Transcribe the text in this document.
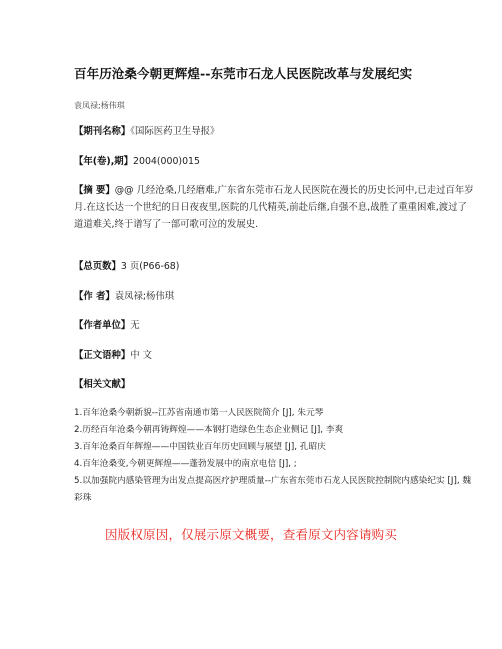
百年历沧桑今朝更辉煌--东莞市石龙人民医院改革与发展纪实
袁凤禄;杨伟琪
【期刊名称】《国际医药卫生导报》
【年(卷),期】2004(000)015
【摘 要】@@ 几经沧桑,几经磨难,广东省东莞市石龙人民医院在漫长的历史长河中,已走过百年岁月.在这长达一个世纪的日日夜夜里,医院的几代精英,前赴后继,自强不息,战胜了重重困难,渡过了道道难关,终于谱写了一部可歌可泣的发展史.
【总页数】3 页(P66-68)
【作 者】袁凤禄;杨伟琪
【作者单位】无
【正文语种】中 文
【相关文献】
1.百年沧桑今朝新貌--江苏省南通市第一人民医院简介 [J], 朱元琴
2.历经百年沧桑今朝再铸辉煌——本钢打造绿色生态企业侧记 [J], 李爽
3.百年沧桑百年辉煌——中国铁业百年历史回顾与展望 [J], 孔昭庆
4.百年沧桑变,今朝更辉煌——蓬勃发展中的南京电信 [J], ;
5.以加强院内感染管理为出发点提高医疗护理质量--广东省东莞市石龙人民医院控制院内感染纪实 [J], 魏彩珠
因版权原因，仅展示原文概要，查看原文内容请购买
